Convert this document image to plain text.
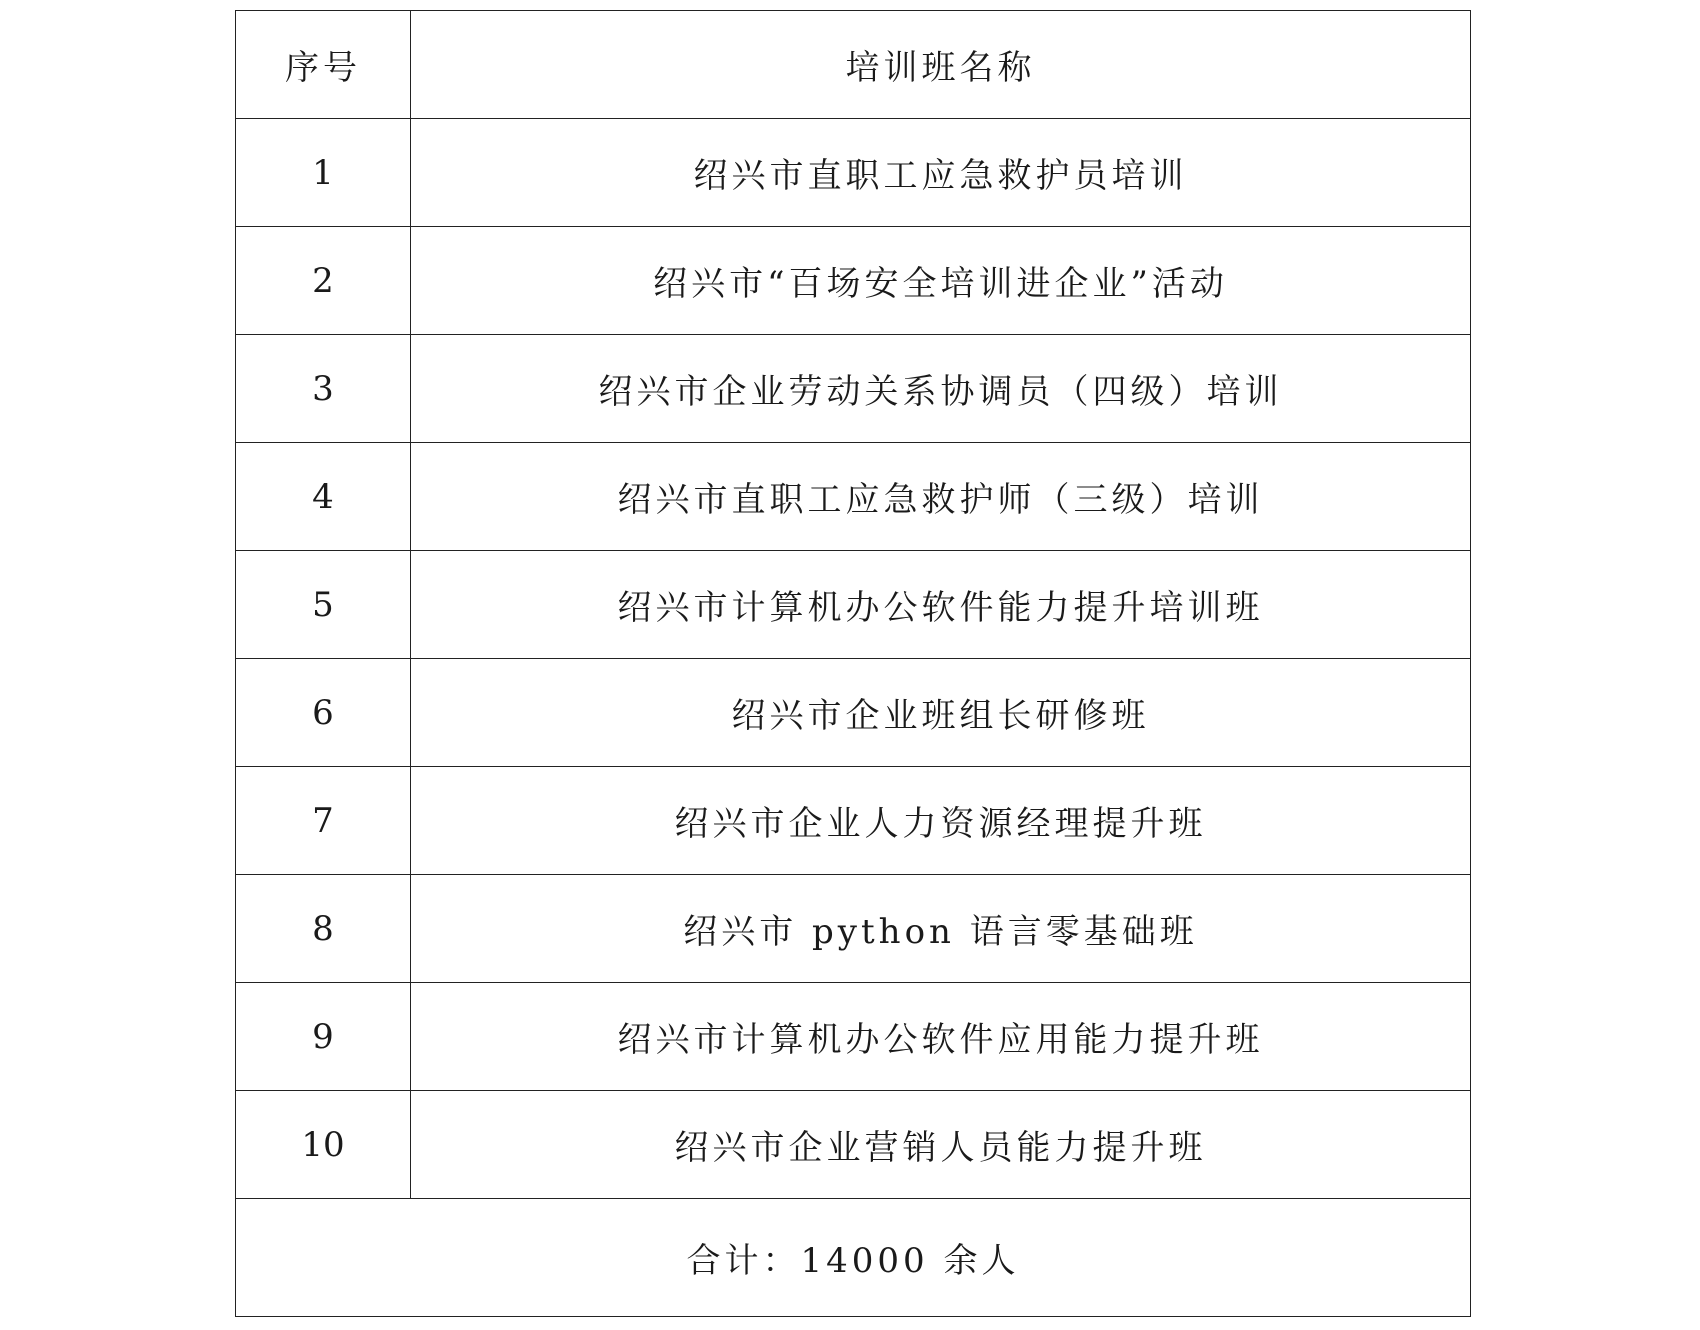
序号	培训班名称
1	绍兴市直职工应急救护员培训
2	绍兴市“百场安全培训进企业”活动
3	绍兴市企业劳动关系协调员（四级）培训
4	绍兴市直职工应急救护师（三级）培训
5	绍兴市计算机办公软件能力提升培训班
6	绍兴市企业班组长研修班
7	绍兴市企业人力资源经理提升班
8	绍兴市 python 语言零基础班
9	绍兴市计算机办公软件应用能力提升班
10	绍兴市企业营销人员能力提升班
合计：14000 余人	
